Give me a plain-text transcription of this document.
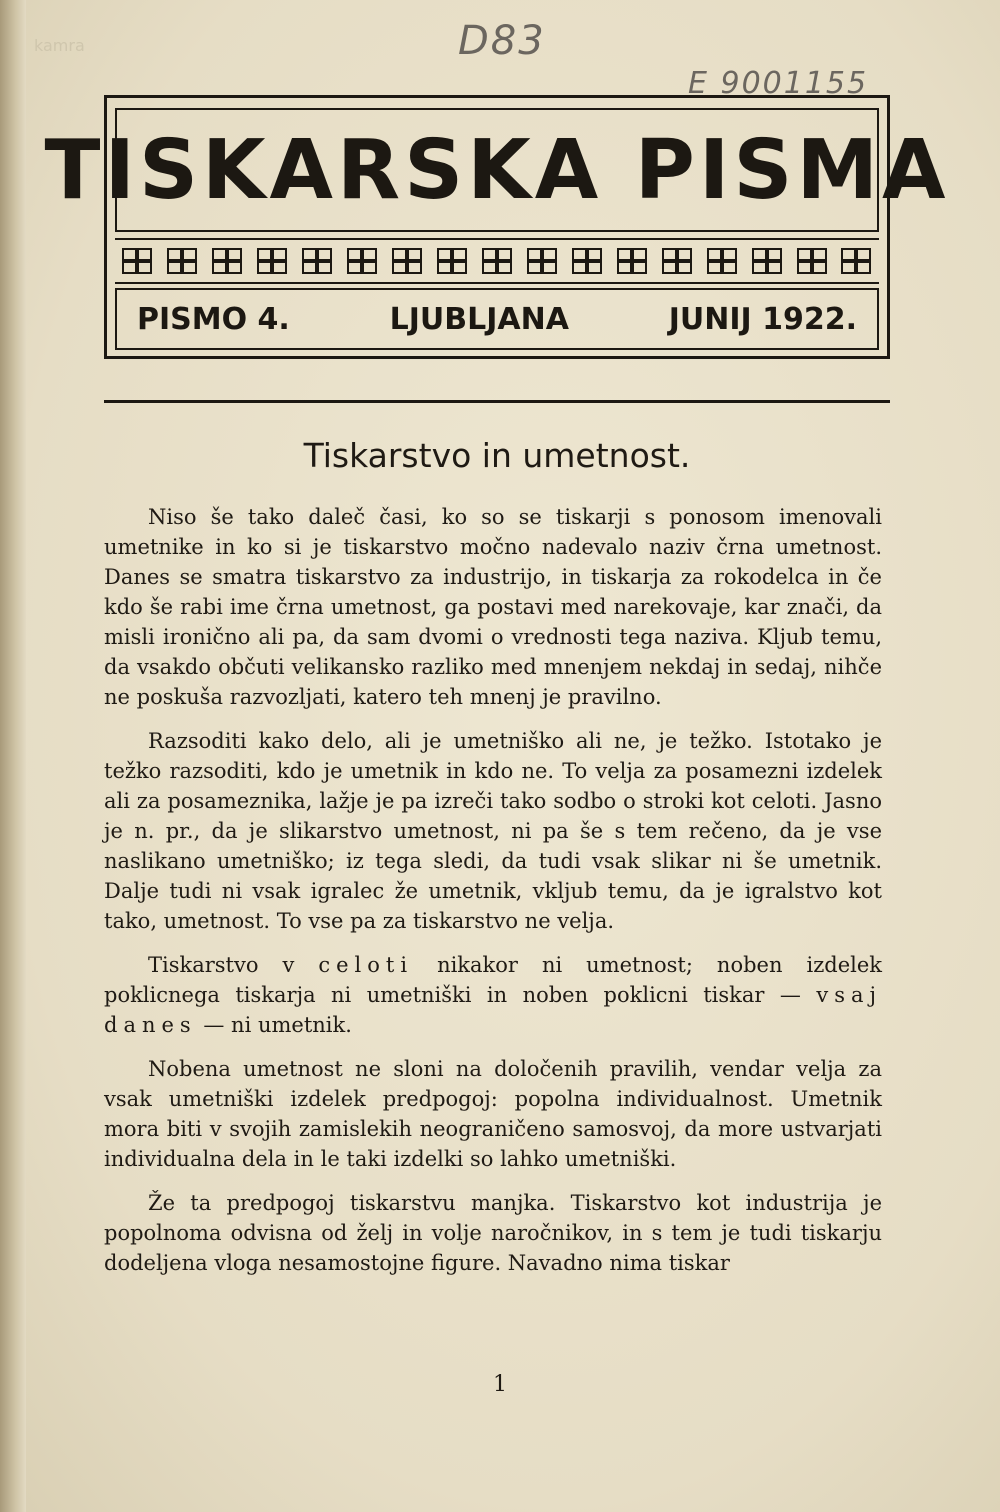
kamra	D83
E 9001155
TISKARSKA PISMA
PISMO 4.	LJUBLJANA	JUNIJ 1922.
Tiskarstvo in umetnost.

Niso še tako daleč časi, ko so se tiskarji s ponosom imenovali umetnike in ko si je tiskarstvo močno nadevalo naziv črna umetnost. Danes se smatra tiskarstvo za industrijo, in tiskarja za rokodelca in če kdo še rabi ime črna umetnost, ga postavi med narekovaje, kar znači, da misli ironično ali pa, da sam dvomi o vrednosti tega naziva. Kljub temu, da vsakdo občuti velikansko razliko med mnenjem nekdaj in sedaj, nihče ne poskuša razvozljati, katero teh mnenj je pravilno.

Razsoditi kako delo, ali je umetniško ali ne, je težko. Istotako je težko razsoditi, kdo je umetnik in kdo ne. To velja za posamezni izdelek ali za posameznika, lažje je pa izreči tako sodbo o stroki kot celoti. Jasno je n. pr., da je slikarstvo umetnost, ni pa še s tem rečeno, da je vse naslikano umetniško; iz tega sledi, da tudi vsak slikar ni še umetnik. Dalje tudi ni vsak igralec že umetnik, vkljub temu, da je igralstvo kot tako, umetnost. To vse pa za tiskarstvo ne velja.

Tiskarstvo v celoti nikakor ni umetnost; noben izdelek poklicnega tiskarja ni umetniški in noben poklicni tiskar — vsaj danes — ni umetnik.

Nobena umetnost ne sloni na določenih pravilih, vendar velja za vsak umetniški izdelek predpogoj: popolna individualnost. Umetnik mora biti v svojih zamislekih neograničeno samosvoj, da more ustvarjati individualna dela in le taki izdelki so lahko umetniški.

Že ta predpogoj tiskarstvu manjka. Tiskarstvo kot industrija je popolnoma odvisna od želj in volje naročnikov, in s tem je tudi tiskarju dodeljena vloga nesamostojne figure. Navadno nima tiskar

1
